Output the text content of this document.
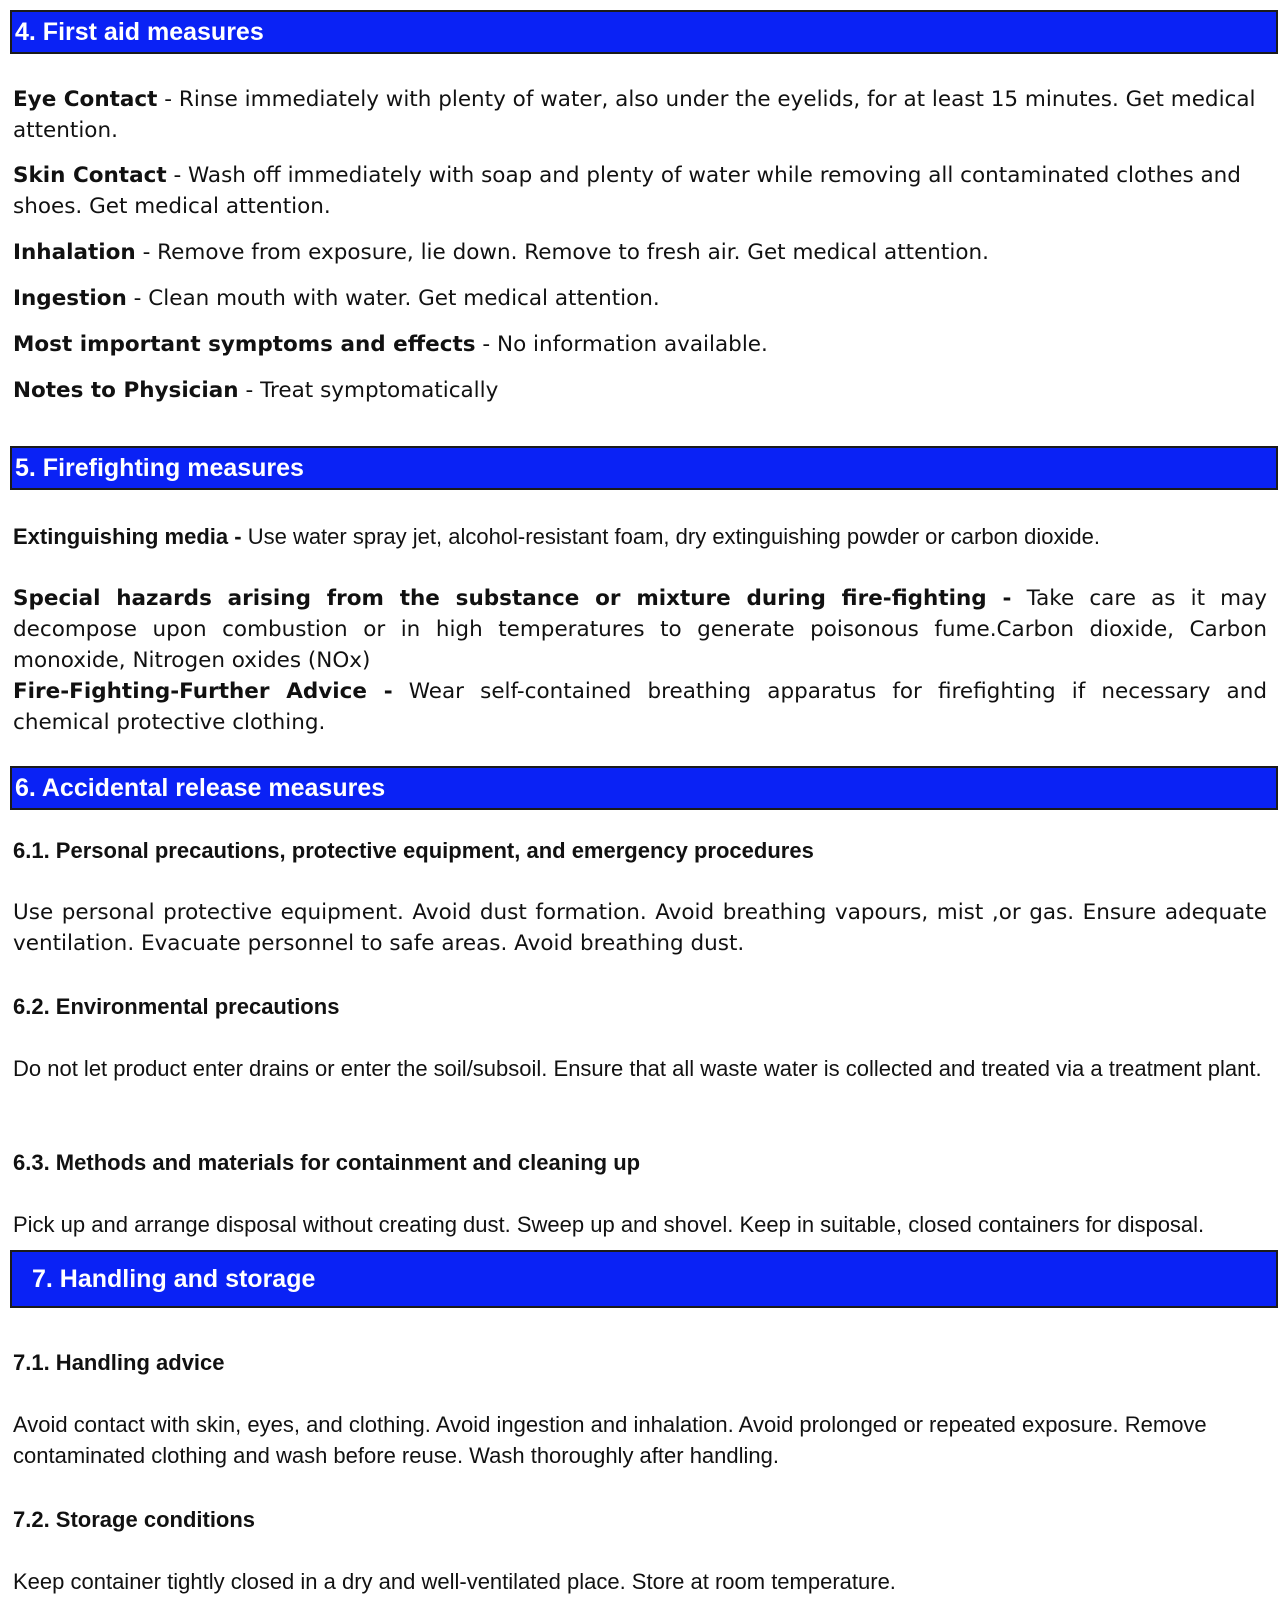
4. First aid measures

Eye Contact - Rinse immediately with plenty of water, also under the eyelids, for at least 15 minutes. Get medical attention.

Skin Contact - Wash off immediately with soap and plenty of water while removing all contaminated clothes and shoes. Get medical attention.

Inhalation - Remove from exposure, lie down. Remove to fresh air. Get medical attention.

Ingestion - Clean mouth with water. Get medical attention.

Most important symptoms and effects - No information available.

Notes to Physician - Treat symptomatically

5. Firefighting measures

Extinguishing media - Use water spray jet, alcohol-resistant foam, dry extinguishing powder or carbon dioxide.

Special hazards arising from the substance or mixture during fire-fighting - Take care as it may decompose upon combustion or in high temperatures to generate poisonous fume.Carbon dioxide, Carbon monoxide, Nitrogen oxides (NOx)

Fire-Fighting-Further Advice - Wear self-contained breathing apparatus for firefighting if necessary and chemical protective clothing.

6. Accidental release measures

6.1. Personal precautions, protective equipment, and emergency procedures

Use personal protective equipment. Avoid dust formation. Avoid breathing vapours, mist ,or gas. Ensure adequate ventilation. Evacuate personnel to safe areas. Avoid breathing dust.

6.2. Environmental precautions

Do not let product enter drains or enter the soil/subsoil. Ensure that all waste water is collected and treated via a treatment plant.

6.3. Methods and materials for containment and cleaning up

Pick up and arrange disposal without creating dust. Sweep up and shovel. Keep in suitable, closed containers for disposal.

7. Handling and storage

7.1. Handling advice

Avoid contact with skin, eyes, and clothing. Avoid ingestion and inhalation. Avoid prolonged or repeated exposure. Remove contaminated clothing and wash before reuse. Wash thoroughly after handling.

7.2. Storage conditions

Keep container tightly closed in a dry and well-ventilated place. Store at room temperature.
